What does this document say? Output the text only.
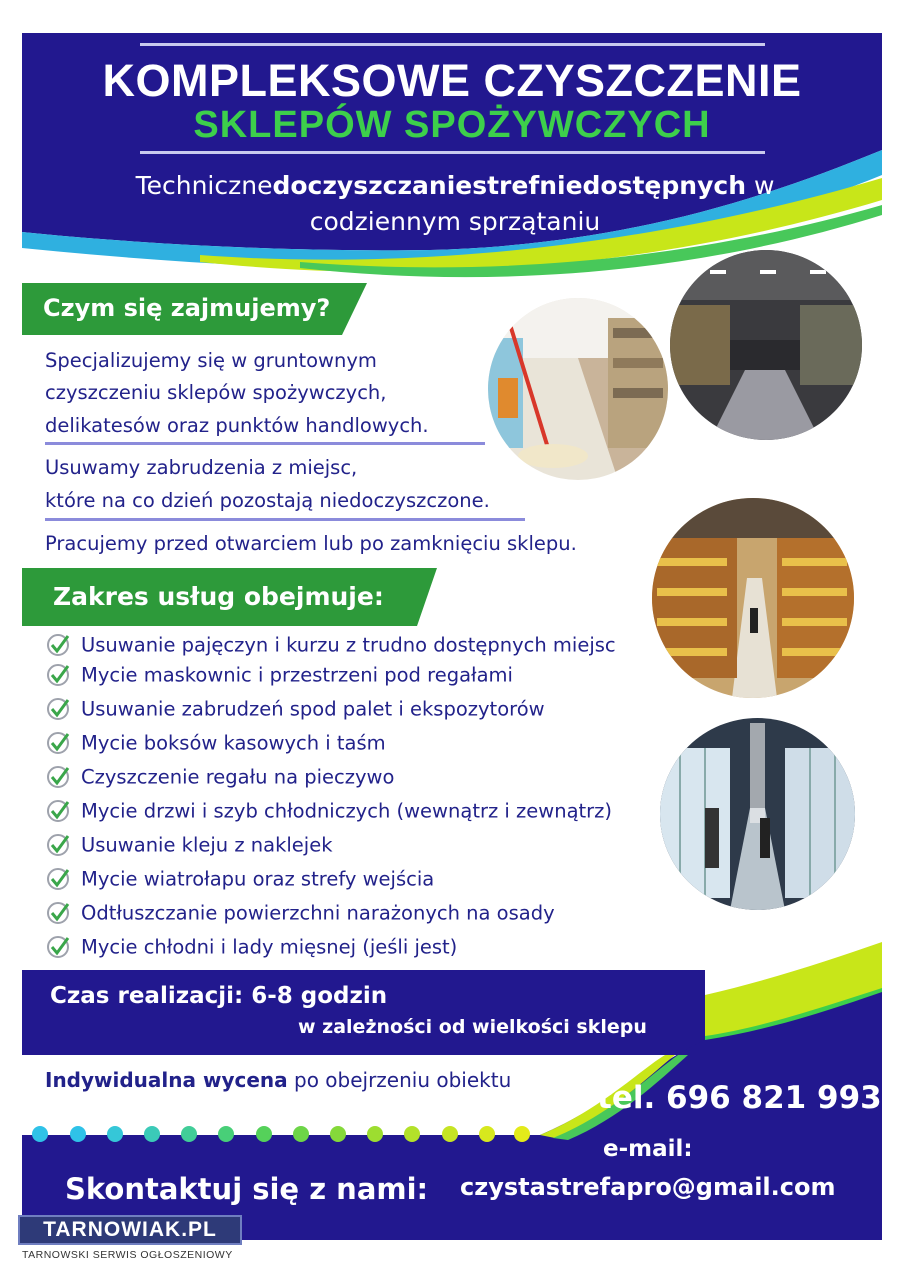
KOMPLEKSOWE CZYSZCZENIE
SKLEPÓW SPOŻYWCZYCH
Technicznedoczyszczaniestrefniedostępnych w
codziennym sprzątaniu
Czym się zajmujemy?
Specjalizujemy się w gruntownym
czyszczeniu sklepów spożywczych,
delikatesów oraz punktów handlowych.
Usuwamy zabrudzenia z miejsc,
które na co dzień pozostają niedoczyszczone.
Pracujemy przed otwarciem lub po zamknięciu sklepu.
Zakres usług obejmuje:
Usuwanie pajęczyn i kurzu z trudno dostępnych miejsc
Mycie maskownic i przestrzeni pod regałami
Usuwanie zabrudzeń spod palet i ekspozytorów
Mycie boksów kasowych i taśm
Czyszczenie regału na pieczywo
Mycie drzwi i szyb chłodniczych (wewnątrz i zewnątrz)
Usuwanie kleju z naklejek
Mycie wiatrołapu oraz strefy wejścia
Odtłuszczanie powierzchni narażonych na osady
Mycie chłodni i lady mięsnej (jeśli jest)
Czas realizacji: 6-8 godzin
w zależności od wielkości sklepu
Indywidualna wycena po obejrzeniu obiektu	tel. 696 821 993
e-mail:
Skontaktuj się z nami: czystastrefapro@gmail.com
TARNOWIAK.PL
TARNOWSKI SERWIS OGŁOSZENIOWY
